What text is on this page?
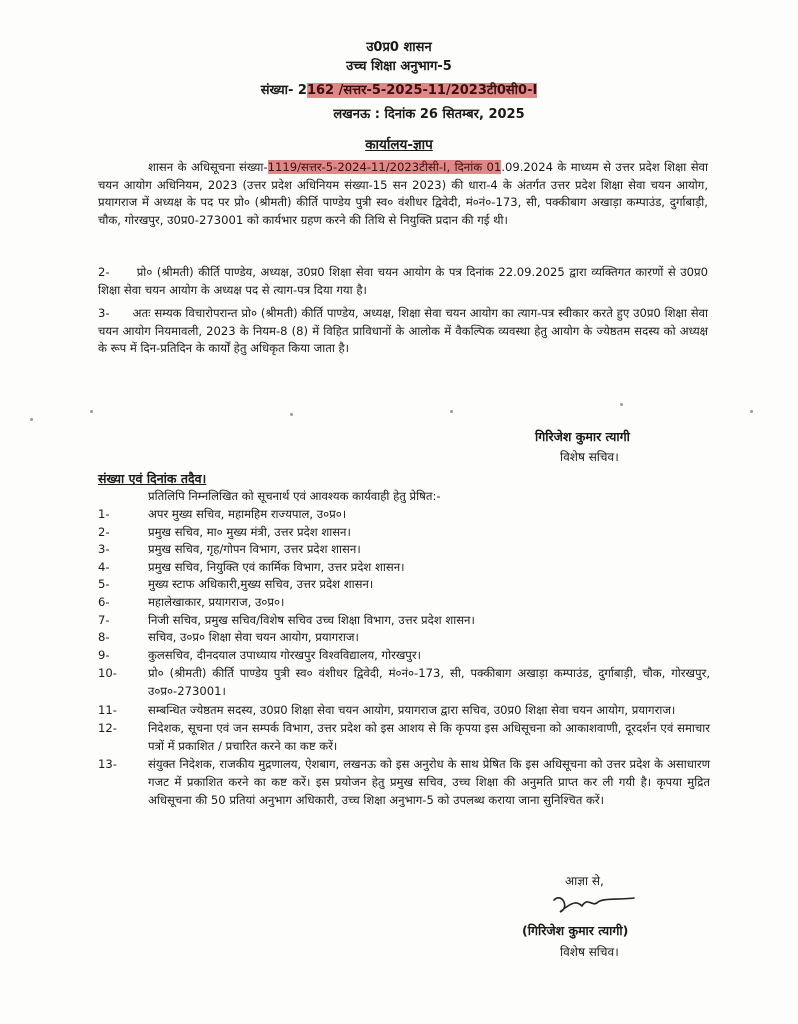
उ0प्र0 शासन
उच्च शिक्षा अनुभाग-5
संख्या- 2162 /सत्तर-5-2025-11/2023टी0सी0-I
लखनऊ : दिनांक 26 सितम्बर, 2025
कार्यालय-ज्ञाप

शासन के अधिसूचना संख्या-1119/सत्तर-5-2024-11/2023टीसी-I, दिनांक 01.09.2024 के माध्यम से उत्तर प्रदेश शिक्षा सेवा चयन आयोग अधिनियम, 2023 (उत्तर प्रदेश अधिनियम संख्या-15 सन 2023) की धारा-4 के अंतर्गत उत्तर प्रदेश शिक्षा सेवा चयन आयोग, प्रयागराज में अध्यक्ष के पद पर प्रो० (श्रीमती) कीर्ति पाण्डेय पुत्री स्व० वंशीधर द्विवेदी, मं०नं०-173, सी, पक्कीबाग अखाड़ा कम्पाउंड, दुर्गाबाड़ी, चौक, गोरखपुर, उ0प्र0-273001 को कार्यभार ग्रहण करने की तिथि से नियुक्ति प्रदान की गई थी।

2-      प्रो० (श्रीमती) कीर्ति पाण्डेय, अध्यक्ष, उ0प्र0 शिक्षा सेवा चयन आयोग के पत्र दिनांक 22.09.2025 द्वारा व्यक्तिगत कारणों से उ0प्र0 शिक्षा सेवा चयन आयोग के अध्यक्ष पद से त्याग-पत्र दिया गया है।

3-      अतः सम्यक विचारोपरान्त प्रो० (श्रीमती) कीर्ति पाण्डेय, अध्यक्ष, शिक्षा सेवा चयन आयोग का त्याग-पत्र स्वीकार करते हुए उ0प्र0 शिक्षा सेवा चयन आयोग नियमावली, 2023 के नियम-8 (8) में विहित प्राविधानों के आलोक में वैकल्पिक व्यवस्था हेतु आयोग के ज्येष्ठतम सदस्य को अध्यक्ष के रूप में दिन-प्रतिदिन के कार्यों हेतु अधिकृत किया जाता है।

गिरिजेश कुमार त्यागी
विशेष सचिव।
संख्या एवं दिनांक तदैव।
प्रतिलिपि निम्नलिखित को सूचनार्थ एवं आवश्यक कार्यवाही हेतु प्रेषित:-
1-	अपर मुख्य सचिव, महामहिम राज्यपाल, उ०प्र०।
2-	प्रमुख सचिव, मा० मुख्य मंत्री, उत्तर प्रदेश शासन।
3-	प्रमुख सचिव, गृह/गोपन विभाग, उत्तर प्रदेश शासन।
4-	प्रमुख सचिव, नियुक्ति एवं कार्मिक विभाग, उत्तर प्रदेश शासन।
5-	मुख्य स्टाफ अधिकारी,मुख्य सचिव, उत्तर प्रदेश शासन।
6-	महालेखाकार, प्रयागराज, उ०प्र०।
7-	निजी सचिव, प्रमुख सचिव/विशेष सचिव उच्च शिक्षा विभाग, उत्तर प्रदेश शासन।
8-	सचिव, उ०प्र० शिक्षा सेवा चयन आयोग, प्रयागराज।
9-	कुलसचिव, दीनदयाल उपाध्याय गोरखपुर विश्वविद्यालय, गोरखपुर।
10-	प्रो० (श्रीमती) कीर्ति पाण्डेय पुत्री स्व० वंशीधर द्विवेदी, मं०नं०-173, सी, पक्कीबाग अखाड़ा कम्पाउंड, दुर्गाबाड़ी, चौक, गोरखपुर, उ०प्र०-273001।
11-	सम्बन्धित ज्येष्ठतम सदस्य, उ0प्र0 शिक्षा सेवा चयन आयोग, प्रयागराज द्वारा सचिव, उ0प्र0 शिक्षा सेवा चयन आयोग, प्रयागराज।
12-	निदेशक, सूचना एवं जन सम्पर्क विभाग, उत्तर प्रदेश को इस आशय से कि कृपया इस अधिसूचना को आकाशवाणी, दूरदर्शन एवं समाचार पत्रों में प्रकाशित / प्रचारित करने का कष्ट करें।
13-	संयुक्त निदेशक, राजकीय मुद्रणालय, ऐशबाग, लखनऊ को इस अनुरोध के साथ प्रेषित कि इस अधिसूचना को उत्तर प्रदेश के असाधारण गजट में प्रकाशित करने का कष्ट करें। इस प्रयोजन हेतु प्रमुख सचिव, उच्च शिक्षा की अनुमति प्राप्त कर ली गयी है। कृपया मुद्रित अधिसूचना की 50 प्रतियां अनुभाग अधिकारी, उच्च शिक्षा अनुभाग-5 को उपलब्ध कराया जाना सुनिश्चित करें।
आज्ञा से,
(गिरिजेश कुमार त्यागी)
विशेष सचिव।
